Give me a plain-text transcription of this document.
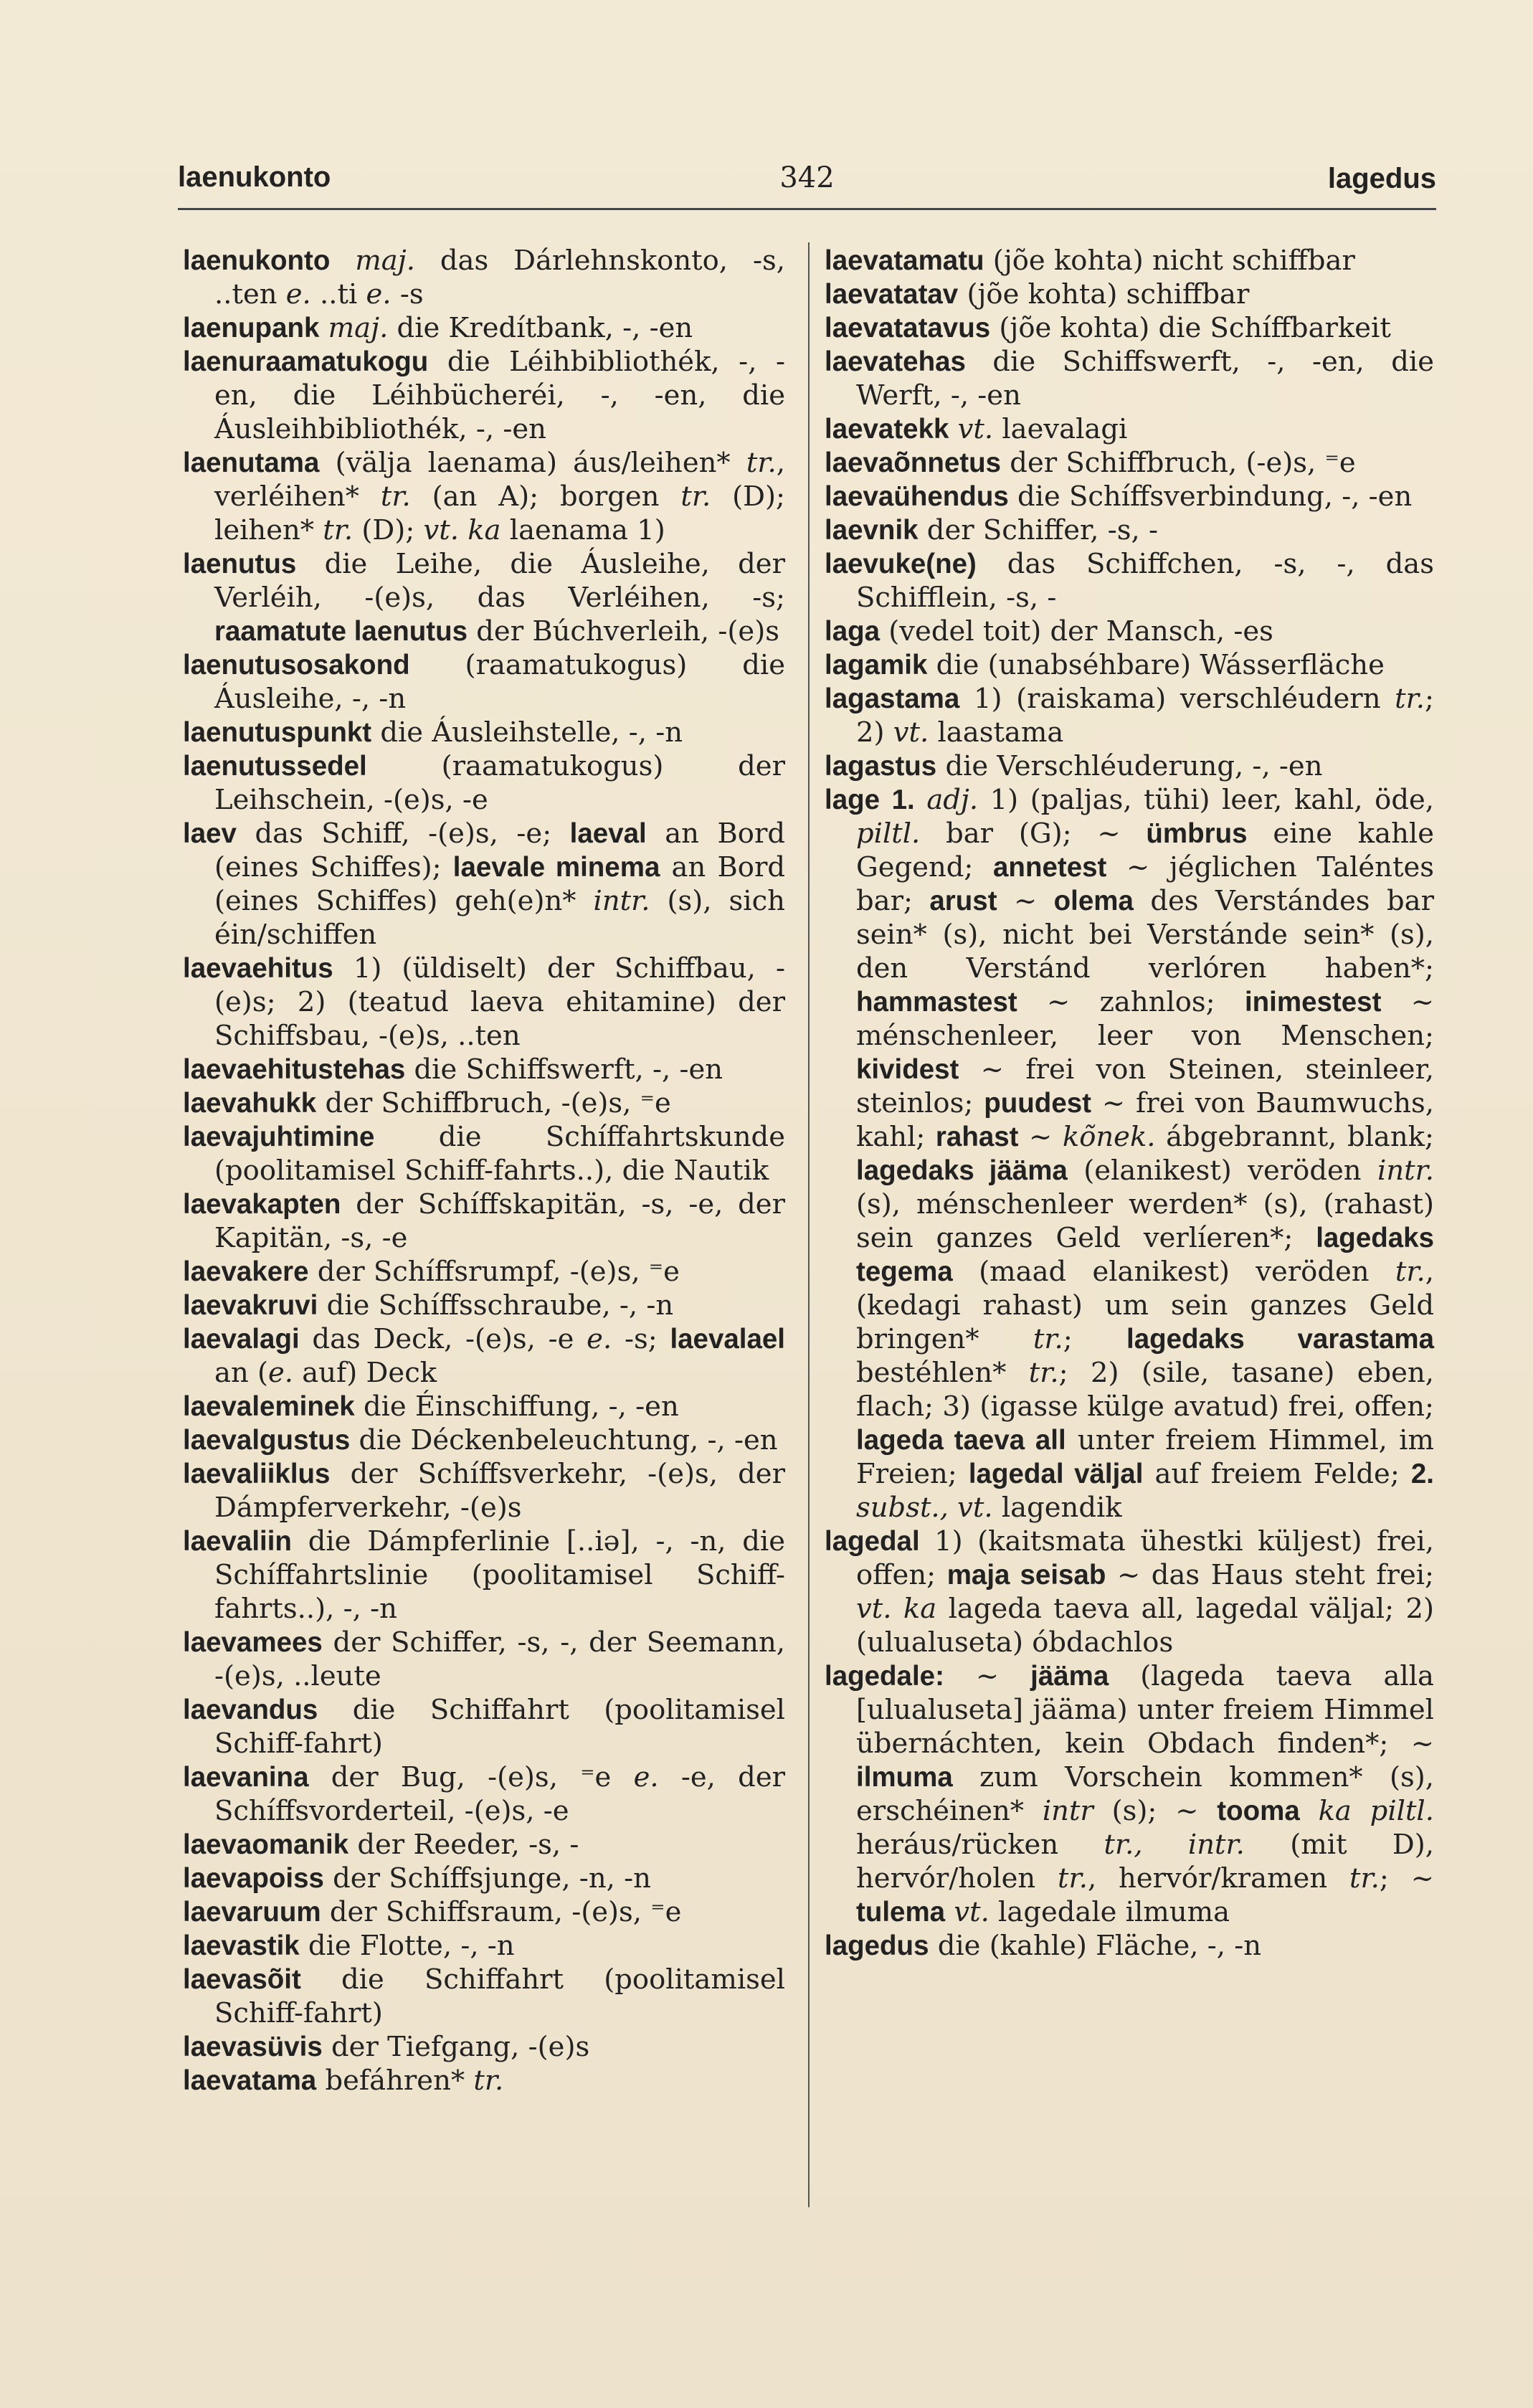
laenukonto	342	lagedus

laenukonto maj. das Dárlehnskonto, -s, ..ten e. ..ti e. -s

laenupank maj. die Kredítbank, -, -en

laenuraamatukogu die Léihbibliothék, -, -en, die Léihbücheréi, -, -en, die Áusleihbibliothék, -, -en

laenutama (välja laenama) áus/leihen* tr., verléihen* tr. (an A); borgen tr. (D); leihen* tr. (D); vt. ka laenama 1)

laenutus die Leihe, die Áusleihe, der Verléih, -(e)s, das Verléihen, -s; raamatute laenutus der Búchverleih, -(e)s

laenutusosakond (raamatukogus) die Áusleihe, -, -n

laenutuspunkt die Áusleihstelle, -, -n

laenutussedel (raamatukogus) der Leihschein, -(e)s, -e

laev das Schiff, -(e)s, -e; laeval an Bord (eines Schiffes); laevale minema an Bord (eines Schiffes) geh(e)n* intr. (s), sich éin/schiffen

laevaehitus 1) (üldiselt) der Schiffbau, -(e)s; 2) (teatud laeva ehitamine) der Schiffsbau, -(e)s, ..ten

laevaehitustehas die Schiffswerft, -, -en

laevahukk der Schiffbruch, -(e)s, ⁼e

laevajuhtimine die Schíffahrtskunde (poolitamisel Schiff-fahrts..), die Nautik

laevakapten der Schíffskapitän, -s, -e, der Kapitän, -s, -e

laevakere der Schíffsrumpf, -(e)s, ⁼e

laevakruvi die Schíffsschraube, -, -n

laevalagi das Deck, -(e)s, -e e. -s; laevalael an (e. auf) Deck

laevaleminek die Éinschiffung, -, -en

laevalgustus die Déckenbeleuchtung, -, -en

laevaliiklus der Schíffsverkehr, -(e)s, der Dámpferverkehr, -(e)s

laevaliin die Dámpferlinie [..iə], -, -n, die Schíffahrtslinie (poolitamisel Schiff-fahrts..), -, -n

laevamees der Schiffer, -s, -, der Seemann, -(e)s, ..leute

laevandus die Schiffahrt (poolitamisel Schiff-fahrt)

laevanina der Bug, -(e)s, ⁼e e. -e, der Schíffsvorderteil, -(e)s, -e

laevaomanik der Reeder, -s, -

laevapoiss der Schíffsjunge, -n, -n

laevaruum der Schiffsraum, -(e)s, ⁼e

laevastik die Flotte, -, -n

laevasõit die Schiffahrt (poolitamisel Schiff-fahrt)

laevasüvis der Tiefgang, -(e)s

laevatama befáhren* tr.

laevatamatu (jõe kohta) nicht schiffbar

laevatatav (jõe kohta) schiffbar

laevatatavus (jõe kohta) die Schíffbarkeit

laevatehas die Schiffswerft, -, -en, die Werft, -, -en

laevatekk vt. laevalagi

laevaõnnetus der Schiffbruch, (-e)s, ⁼e

laevaühendus die Schíffsverbindung, -, -en

laevnik der Schiffer, -s, -

laevuke(ne) das Schiffchen, -s, -, das Schifflein, -s, -

laga (vedel toit) der Mansch, -es

lagamik die (unabséhbare) Wásserfläche

lagastama 1) (raiskama) verschléudern tr.; 2) vt. laastama

lagastus die Verschléuderung, -, -en

lage 1. adj. 1) (paljas, tühi) leer, kahl, öde, piltl. bar (G); ~ ümbrus eine kahle Gegend; annetest ~ jéglichen Taléntes bar; arust ~ olema des Verstándes bar sein* (s), nicht bei Verstánde sein* (s), den Verstánd verlóren haben*; hammastest ~ zahnlos; inimestest ~ ménschenleer, leer von Menschen; kividest ~ frei von Steinen, steinleer, steinlos; puudest ~ frei von Baumwuchs, kahl; rahast ~ kõnek. ábgebrannt, blank; lagedaks jääma (elanikest) veröden intr. (s), ménschenleer werden* (s), (rahast) sein ganzes Geld verlíeren*; lagedaks tegema (maad elanikest) veröden tr., (kedagi rahast) um sein ganzes Geld bringen* tr.; lagedaks varastama bestéhlen* tr.; 2) (sile, tasane) eben, flach; 3) (igasse külge avatud) frei, offen; lageda taeva all unter freiem Himmel, im Freien; lagedal väljal auf freiem Felde; 2. subst., vt. lagendik

lagedal 1) (kaitsmata ühestki küljest) frei, offen; maja seisab ~ das Haus steht frei; vt. ka lageda taeva all, lagedal väljal; 2) (ulualuseta) óbdachlos

lagedale: ~ jääma (lageda taeva alla [ulualuseta] jääma) unter freiem Himmel übernáchten, kein Obdach finden*; ~ ilmuma zum Vorschein kommen* (s), erschéinen* intr (s); ~ tooma ka piltl. heráus/rücken tr., intr. (mit D), hervór/holen tr., hervór/kramen tr.; ~ tulema vt. lagedale ilmuma

lagedus die (kahle) Fläche, -, -n
